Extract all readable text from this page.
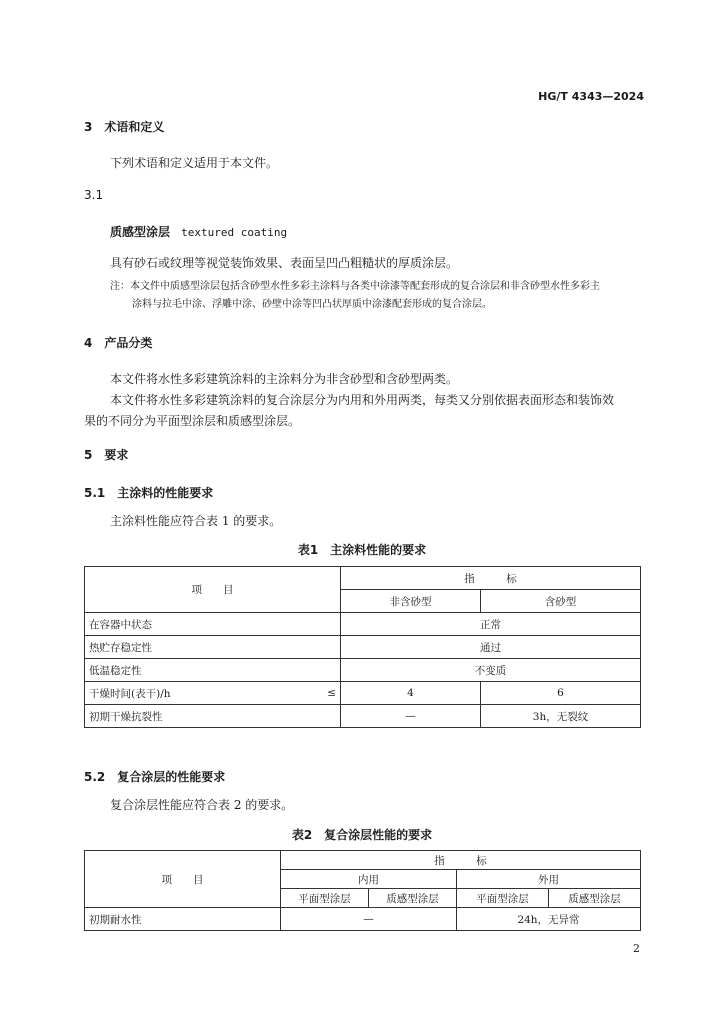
HG/T 4343—2024
3　术语和定义
下列术语和定义适用于本文件。
3.1
质感型涂层 textured coating
具有砂石或纹理等视觉装饰效果、表面呈凹凸粗糙状的厚质涂层。
注：本文件中质感型涂层包括含砂型水性多彩主涂料与各类中涂漆等配套形成的复合涂层和非含砂型水性多彩主
涂料与拉毛中涂、浮雕中涂、砂壁中涂等凹凸状厚质中涂漆配套形成的复合涂层。
4　产品分类
本文件将水性多彩建筑涂料的主涂料分为非含砂型和含砂型两类。
本文件将水性多彩建筑涂料的复合涂层分为内用和外用两类，每类又分别依据表面形态和装饰效
果的不同分为平面型涂层和质感型涂层。
5　要求
5.1　主涂料的性能要求
主涂料性能应符合表 1 的要求。
表1　主涂料性能的要求
项　　目		指　　　标	
		非含砂型	含砂型
在容器中状态		正常	
热贮存稳定性		通过	
低温稳定性		不变质	
干燥时间(表干)/h	≤	4	6
初期干燥抗裂性		—	3h，无裂纹
5.2　复合涂层的性能要求
复合涂层性能应符合表 2 的要求。
表2　复合涂层性能的要求
项　　目	指　　　标			
	内用		外用	
	平面型涂层	质感型涂层	平面型涂层	质感型涂层
初期耐水性	—		24h，无异常	
2
